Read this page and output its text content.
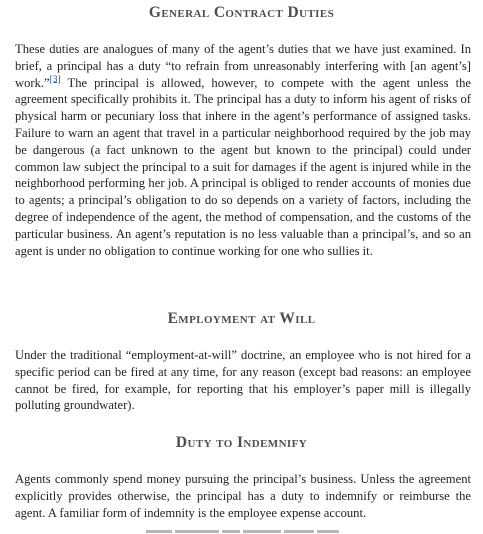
General Contract Duties

These duties are analogues of many of the agent’s duties that we have just examined. In brief, a principal has a duty “to refrain from unreasonably interfering with [an agent’s] work.”[3] The principal is allowed, however, to compete with the agent unless the agreement specifically prohibits it. The principal has a duty to inform his agent of risks of physical harm or pecuniary loss that inhere in the agent’s performance of assigned tasks. Failure to warn an agent that travel in a particular neighborhood required by the job may be dangerous (a fact unknown to the agent but known to the principal) could under common law subject the principal to a suit for damages if the agent is injured while in the neighborhood performing her job. A principal is obliged to render accounts of monies due to agents; a principal’s obligation to do so depends on a variety of factors, including the degree of independence of the agent, the method of compensation, and the customs of the particular business. An agent’s reputation is no less valuable than a principal’s, and so an agent is under no obligation to continue working for one who sullies it.

Employment at Will

Under the traditional “employment-at-will” doctrine, an employee who is not hired for a specific period can be fired at any time, for any reason (except bad reasons: an employee cannot be fired, for example, for reporting that his employer’s paper mill is illegally polluting groundwater).

Duty to Indemnify

Agents commonly spend money pursuing the principal’s business. Unless the agreement explicitly provides otherwise, the principal has a duty to indemnify or reimburse the agent. A familiar form of indemnity is the employee expense account.
